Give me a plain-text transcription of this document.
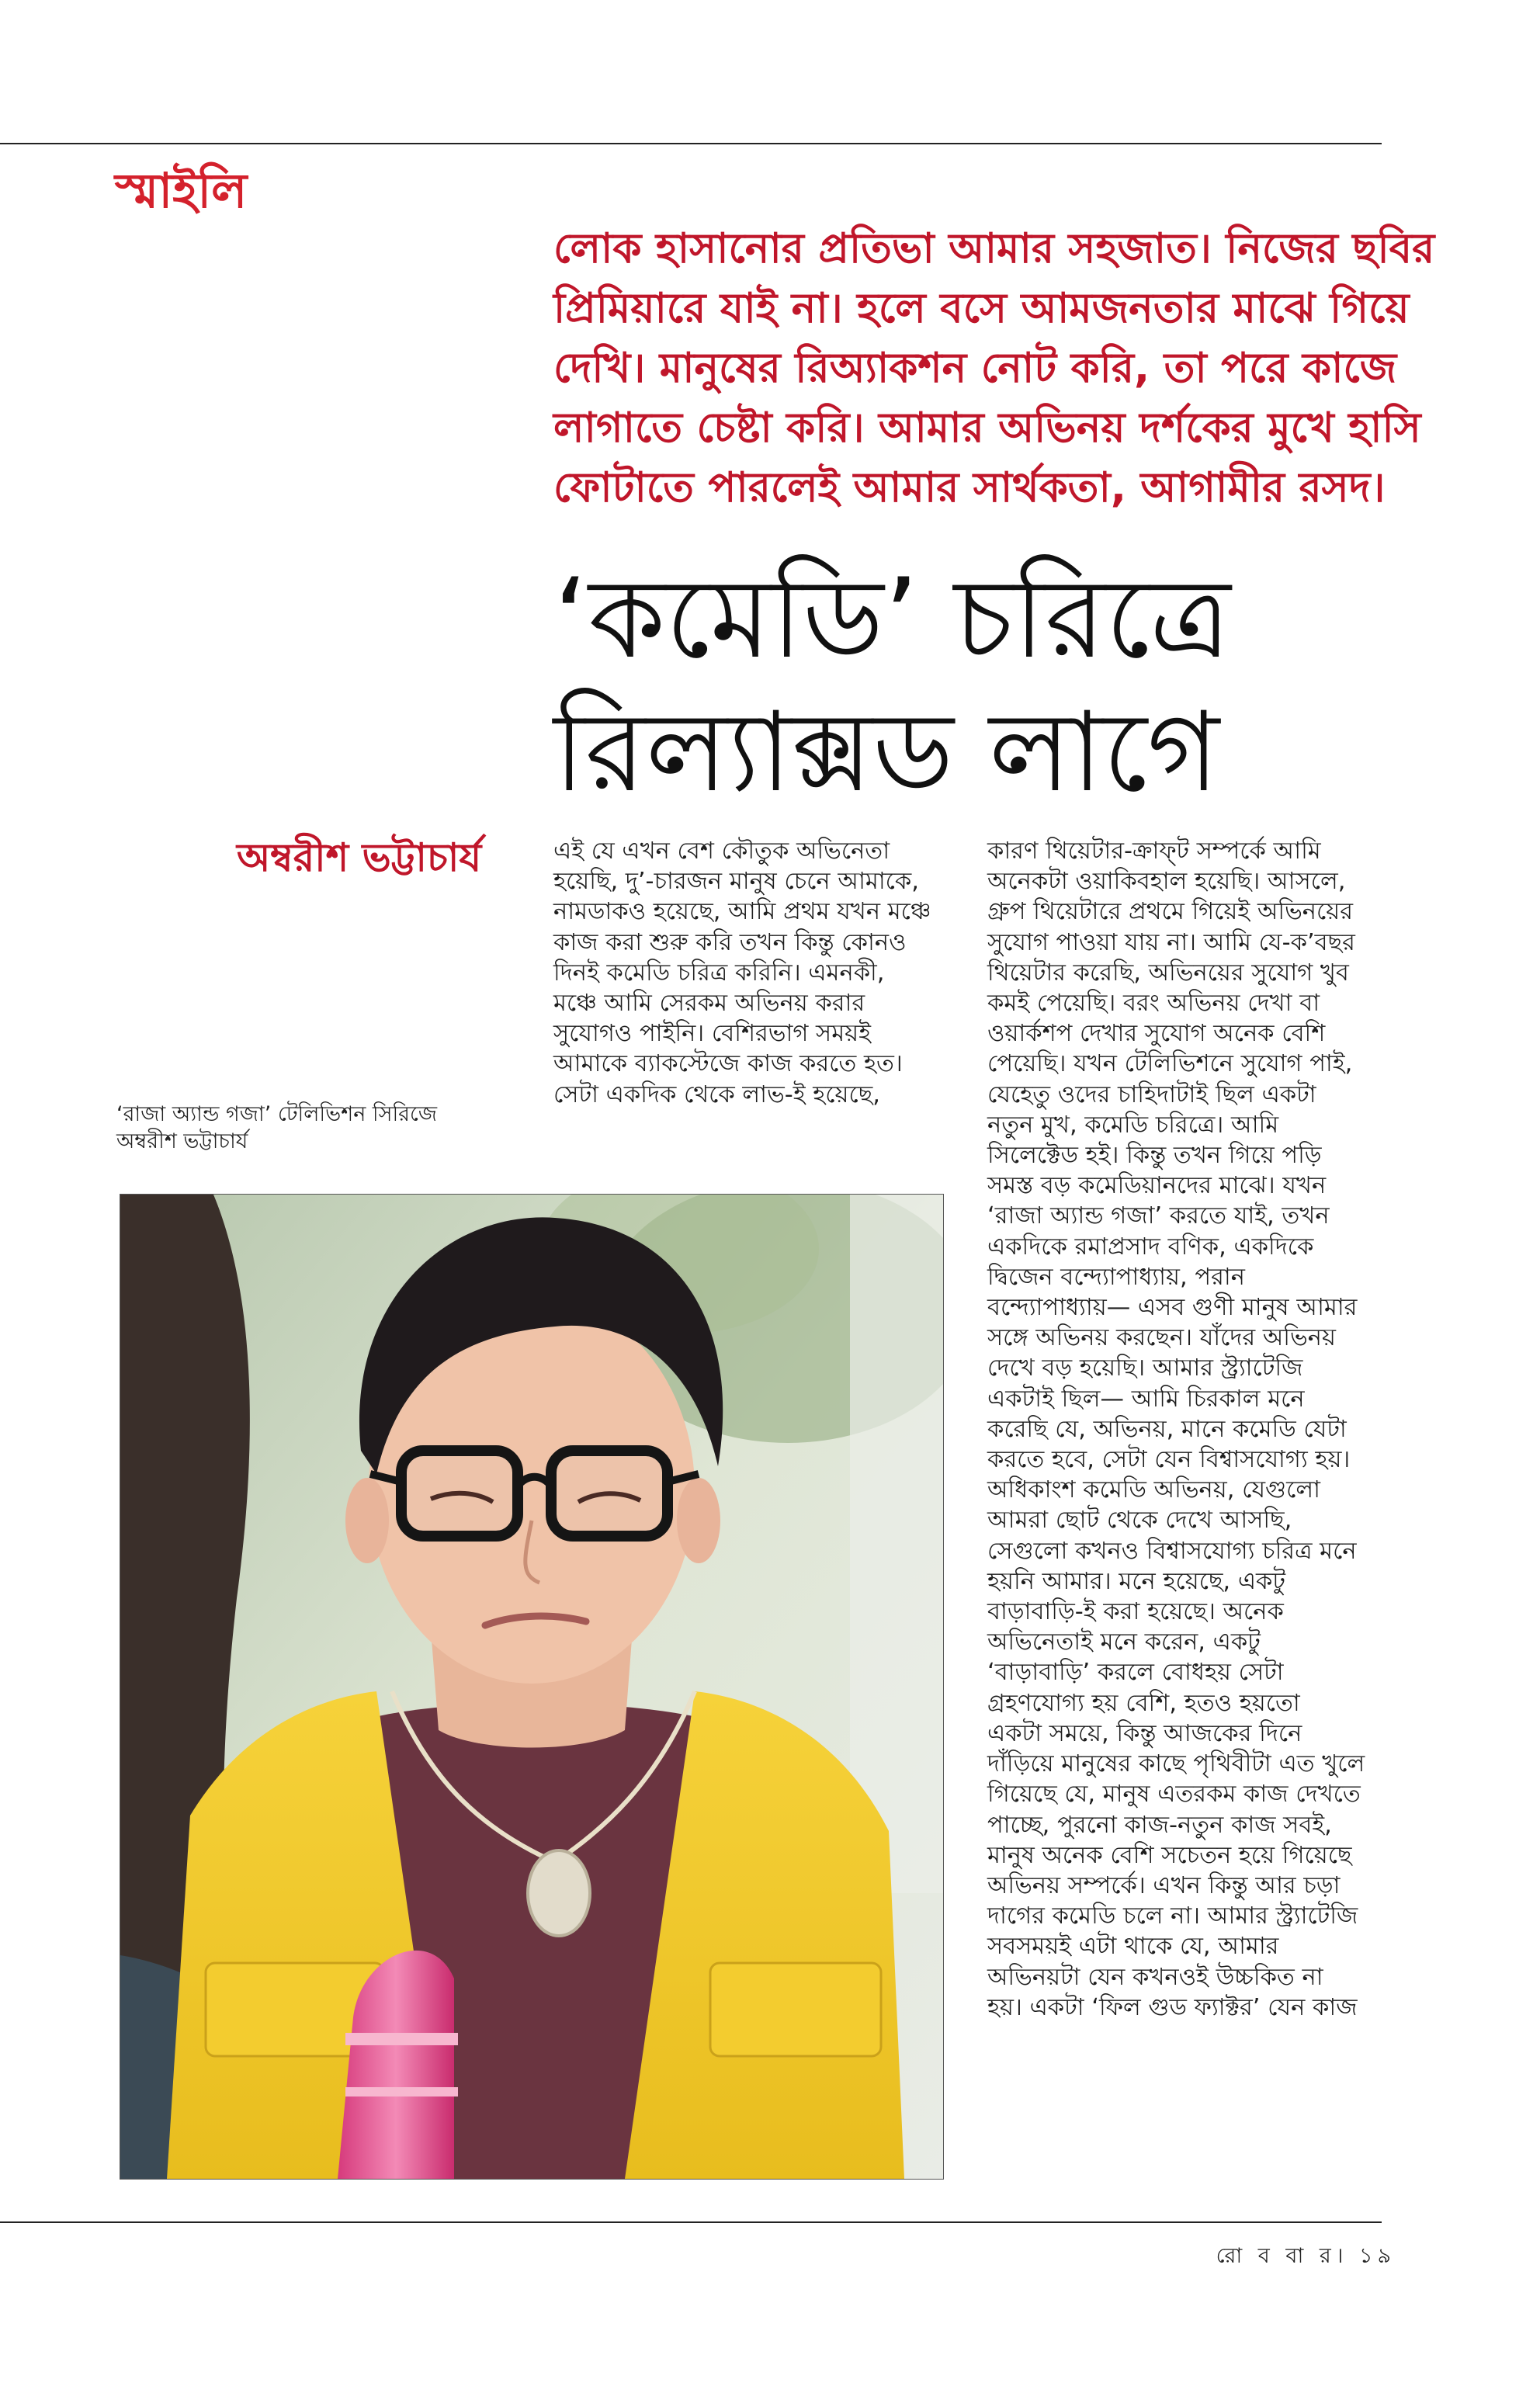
স্মাইলি
লোক হাসানোর প্রতিভা আমার সহজাত। নিজের ছবির
প্রিমিয়ারে যাই না। হলে বসে আমজনতার মাঝে গিয়ে
দেখি। মানুষের রিঅ্যাকশন নোট করি, তা পরে কাজে
লাগাতে চেষ্টা করি। আমার অভিনয় দর্শকের মুখে হাসি
ফোটাতে পারলেই আমার সার্থকতা, আগামীর রসদ।
‘কমেডি’ চরিত্রে
রিল্যাক্সড লাগে
অম্বরীশ ভট্টাচার্য
‘রাজা অ্যান্ড গজা’ টেলিভিশন সিরিজে
অম্বরীশ ভট্টাচার্য
এই যে এখন বেশ কৌতুক অভিনেতা
হয়েছি, দু’-চারজন মানুষ চেনে আমাকে,
নামডাকও হয়েছে, আমি প্রথম যখন মঞ্চে
কাজ করা শুরু করি তখন কিন্তু কোনও
দিনই কমেডি চরিত্র করিনি। এমনকী,
মঞ্চে আমি সেরকম অভিনয় করার
সুযোগও পাইনি। বেশিরভাগ সময়ই
আমাকে ব্যাকস্টেজে কাজ করতে হত।
সেটা একদিক থেকে লাভ-ই হয়েছে,
কারণ থিয়েটার-ক্রাফ্‌ট সম্পর্কে আমি
অনেকটা ওয়াকিবহাল হয়েছি। আসলে,
গ্রুপ থিয়েটারে প্রথমে গিয়েই অভিনয়ের
সুযোগ পাওয়া যায় না। আমি যে-ক’বছর
থিয়েটার করেছি, অভিনয়ের সুযোগ খুব
কমই পেয়েছি। বরং অভিনয় দেখা বা
ওয়ার্কশপ দেখার সুযোগ অনেক বেশি
পেয়েছি। যখন টেলিভিশনে সুযোগ পাই,
যেহেতু ওদের চাহিদাটাই ছিল একটা
নতুন মুখ, কমেডি চরিত্রে। আমি
সিলেক্টেড হই। কিন্তু তখন গিয়ে পড়ি
সমস্ত বড় কমেডিয়ানদের মাঝে। যখন
‘রাজা অ্যান্ড গজা’ করতে যাই, তখন
একদিকে রমাপ্রসাদ বণিক, একদিকে
দ্বিজেন বন্দ্যোপাধ্যায়, পরান
বন্দ্যোপাধ্যায়— এসব গুণী মানুষ আমার
সঙ্গে অভিনয় করছেন। যাঁদের অভিনয়
দেখে বড় হয়েছি। আমার স্ট্র্যাটেজি
একটাই ছিল— আমি চিরকাল মনে
করেছি যে, অভিনয়, মানে কমেডি যেটা
করতে হবে, সেটা যেন বিশ্বাসযোগ্য হয়।
অধিকাংশ কমেডি অভিনয়, যেগুলো
আমরা ছোট থেকে দেখে আসছি,
সেগুলো কখনও বিশ্বাসযোগ্য চরিত্র মনে
হয়নি আমার। মনে হয়েছে, একটু
বাড়াবাড়ি-ই করা হয়েছে। অনেক
অভিনেতাই মনে করেন, একটু
‘বাড়াবাড়ি’ করলে বোধহয় সেটা
গ্রহণযোগ্য হয় বেশি, হতও হয়তো
একটা সময়ে, কিন্তু আজকের দিনে
দাঁড়িয়ে মানুষের কাছে পৃথিবীটা এত খুলে
গিয়েছে যে, মানুষ এতরকম কাজ দেখতে
পাচ্ছে, পুরনো কাজ-নতুন কাজ সবই,
মানুষ অনেক বেশি সচেতন হয়ে গিয়েছে
অভিনয় সম্পর্কে। এখন কিন্তু আর চড়া
দাগের কমেডি চলে না। আমার স্ট্র্যাটেজি
সবসময়ই এটা থাকে যে, আমার
অভিনয়টা যেন কখনওই উচ্চকিত না
হয়। একটা ‘ফিল গুড ফ্যাক্টর’ যেন কাজ
রো ব বা র। ১৯
